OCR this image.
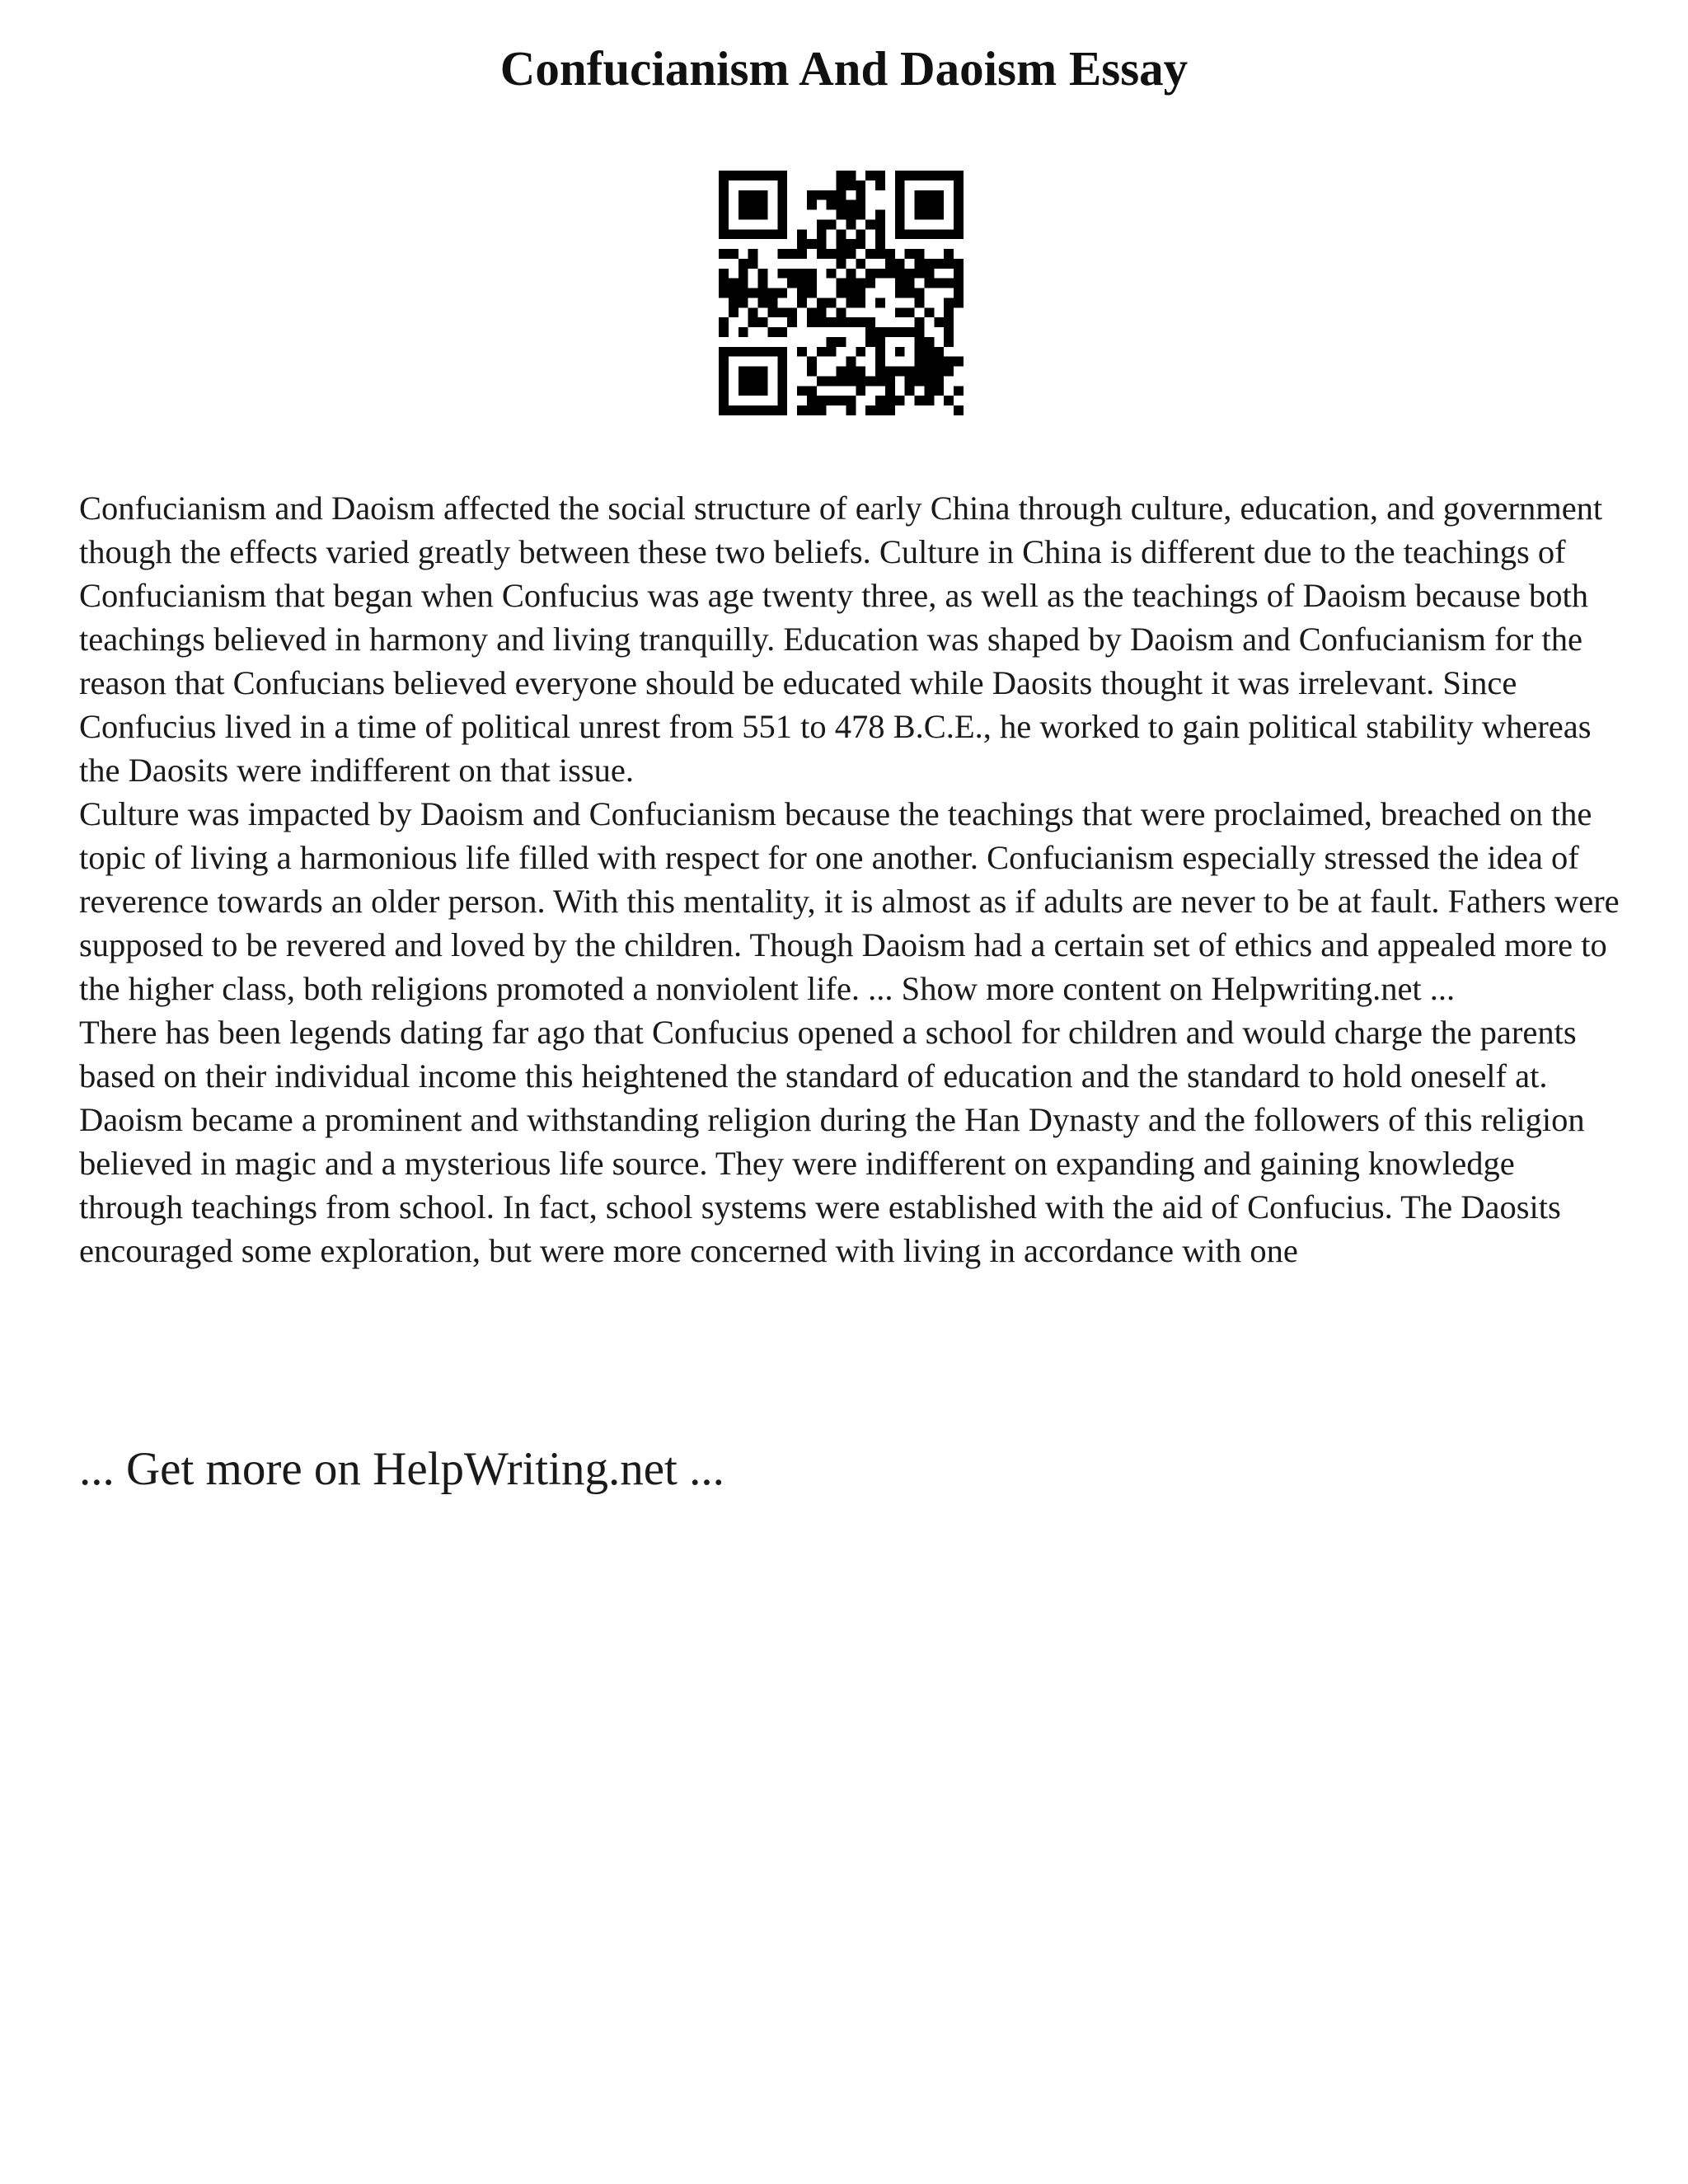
Confucianism And Daoism Essay

Confucianism and Daoism affected the social structure of early China through culture, education, and government though the effects varied greatly between these two beliefs. Culture in China is different due to the teachings of Confucianism that began when Confucius was age twenty three, as well as the teachings of Daoism because both teachings believed in harmony and living tranquilly. Education was shaped by Daoism and Confucianism for the reason that Confucians believed everyone should be educated while Daosits thought it was irrelevant. Since Confucius lived in a time of political unrest from 551 to 478 B.C.E., he worked to gain political stability whereas the Daosits were indifferent on that issue.

Culture was impacted by Daoism and Confucianism because the teachings that were proclaimed, breached on the topic of living a harmonious life filled with respect for one another. Confucianism especially stressed the idea of reverence towards an older person. With this mentality, it is almost as if adults are never to be at fault. Fathers were supposed to be revered and loved by the children. Though Daoism had a certain set of ethics and appealed more to the higher class, both religions promoted a nonviolent life. ... Show more content on Helpwriting.net ...

There has been legends dating far ago that Confucius opened a school for children and would charge the parents based on their individual income this heightened the standard of education and the standard to hold oneself at. Daoism became a prominent and withstanding religion during the Han Dynasty and the followers of this religion believed in magic and a mysterious life source. They were indifferent on expanding and gaining knowledge through teachings from school. In fact, school systems were established with the aid of Confucius. The Daosits encouraged some exploration, but were more concerned with living in accordance with one

... Get more on HelpWriting.net ...
